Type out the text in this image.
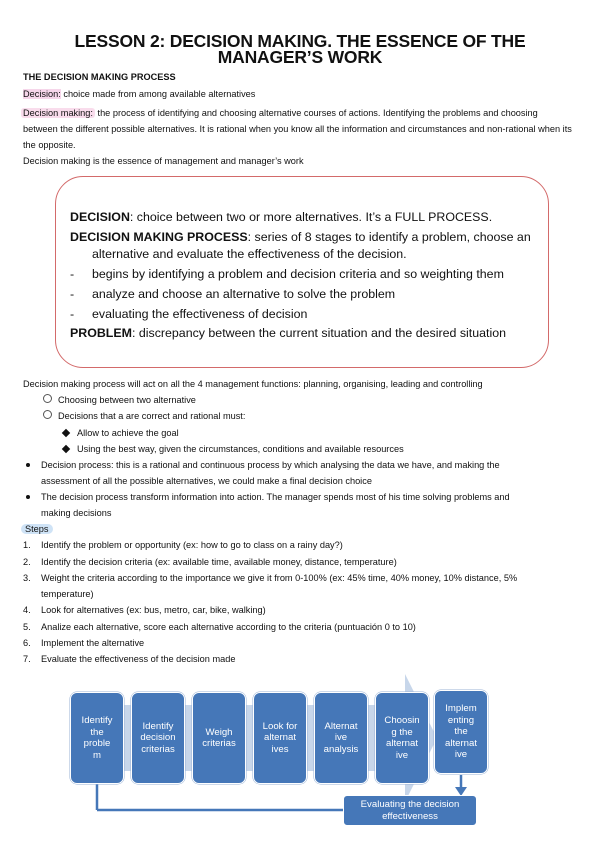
LESSON 2: DECISION MAKING. THE ESSENCE OF THE MANAGER’S WORK
THE DECISION MAKING PROCESS
Decision: choice made from among available alternatives
Decision making: the process of identifying and choosing alternative courses of actions. Identifying the problems and choosing between the different possible alternatives. It is rational when you know all the information and circumstances and non-rational when its the opposite.
Decision making is the essence of management and manager’s work
DECISION: choice between two or more alternatives. It’s a FULL PROCESS.
DECISION MAKING PROCESS: series of 8 stages to identify a problem, choose an
alternative and evaluate the effectiveness of the decision.
- begins by identifying a problem and decision criteria and so weighting them
- analyze and choose an alternative to solve the problem
- evaluating the effectiveness of decision
PROBLEM: discrepancy between the current situation and the desired situation
Decision making process will act on all the 4 management functions: planning, organising, leading and controlling
Choosing between two alternative
Decisions that a are correct and rational must:
Allow to achieve the goal
Using the best way, given the circumstances, conditions and available resources
Decision process: this is a rational and continuous process by which analysing the data we have, and making the
assessment of all the possible alternatives, we could make a final decision choice
The decision process transform information into action. The manager spends most of his time solving problems and
making decisions
Steps
1. Identify the problem or opportunity (ex: how to go to class on a rainy day?)
2. Identify the decision criteria (ex: available time, available money, distance, temperature)
3. Weight the criteria according to the importance we give it from 0-100% (ex: 45% time, 40% money, 10% distance, 5%
temperature)
4. Look for alternatives (ex: bus, metro, car, bike, walking)
5. Analize each alternative, score each alternative according to the criteria (puntuación 0 to 10)
6. Implement the alternative
7. Evaluate the effectiveness of the decision made
Identify
the
proble
m
Identify
decision
criterias
Weigh
criterias
Look for
alternat
ives
Alternat
ive
analysis
Choosin
g the
alternat
ive
Implem
enting
the
alternat
ive
Evaluating the decision
effectiveness
